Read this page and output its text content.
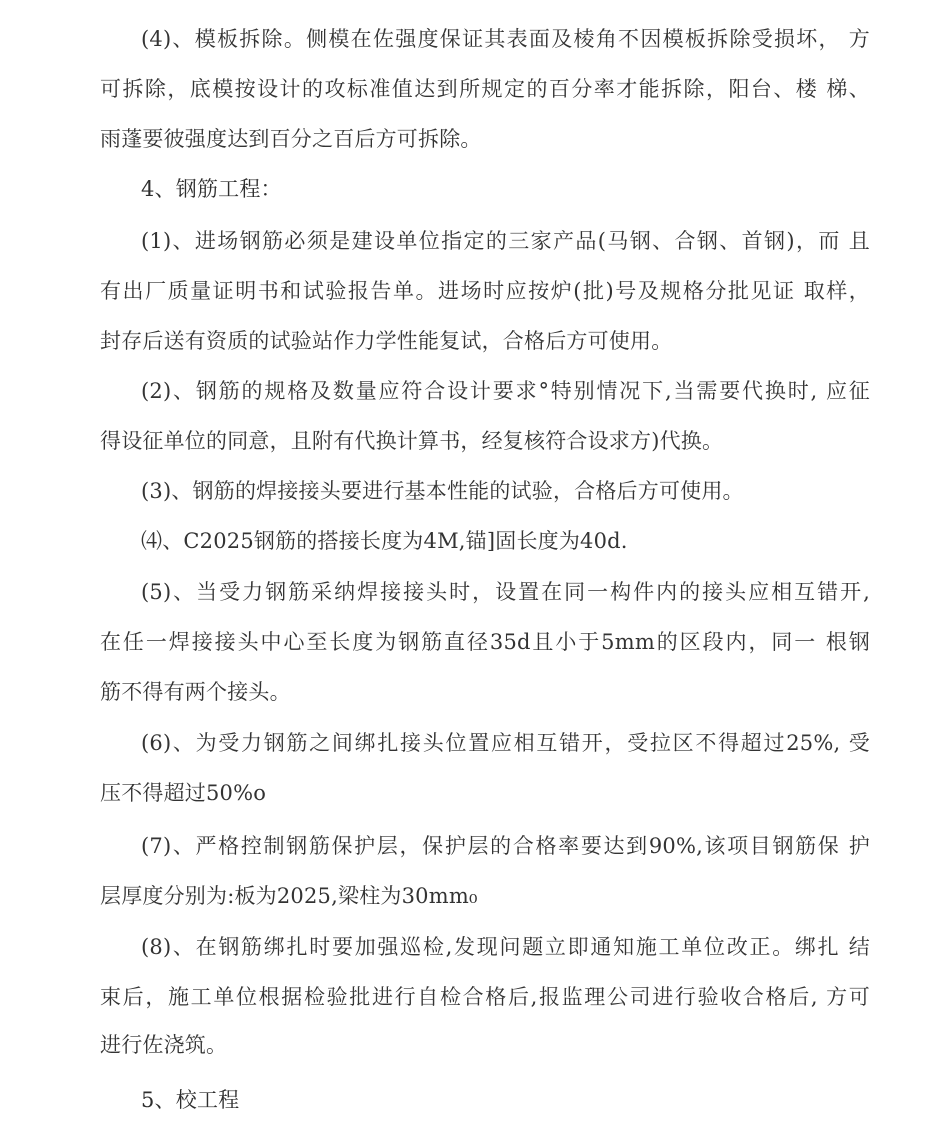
(4)、模板拆除。侧模在佐强度保证其表面及棱角不因模板拆除受损坏， 方
可拆除，底模按设计的攻标准值达到所规定的百分率才能拆除，阳台、楼 梯、
雨蓬要彼强度达到百分之百后方可拆除。
4、钢筋工程：
(1)、进场钢筋必须是建设单位指定的三家产品(马钢、合钢、首钢)，而 且
有出厂质量证明书和试验报告单。进场时应按炉(批)号及规格分批见证 取样，
封存后送有资质的试验站作力学性能复试，合格后方可使用。
(2)、钢筋的规格及数量应符合设计要求°特别情况下,当需要代换时, 应征
得设征单位的同意，且附有代换计算书，经复核符合设求方)代换。
(3)、钢筋的焊接接头要进行基本性能的试验，合格后方可使用。
⑷、C2025钢筋的搭接长度为4M,锚]固长度为40d.
(5)、当受力钢筋采纳焊接接头时，设置在同一构件内的接头应相互错开,
在任一焊接接头中心至长度为钢筋直径35d且小于5mm的区段内，同一 根钢
筋不得有两个接头。
(6)、为受力钢筋之间绑扎接头位置应相互错开，受拉区不得超过25%, 受
压不得超过50%o
(7)、严格控制钢筋保护层，保护层的合格率要达到90%,该项目钢筋保 护
层厚度分别为:板为2025,梁柱为30mm₀
(8)、在钢筋绑扎时要加强巡检,发现问题立即通知施工单位改正。绑扎 结
束后，施工单位根据检验批进行自检合格后,报监理公司进行验收合格后, 方可
进行佐浇筑。
5、校工程
